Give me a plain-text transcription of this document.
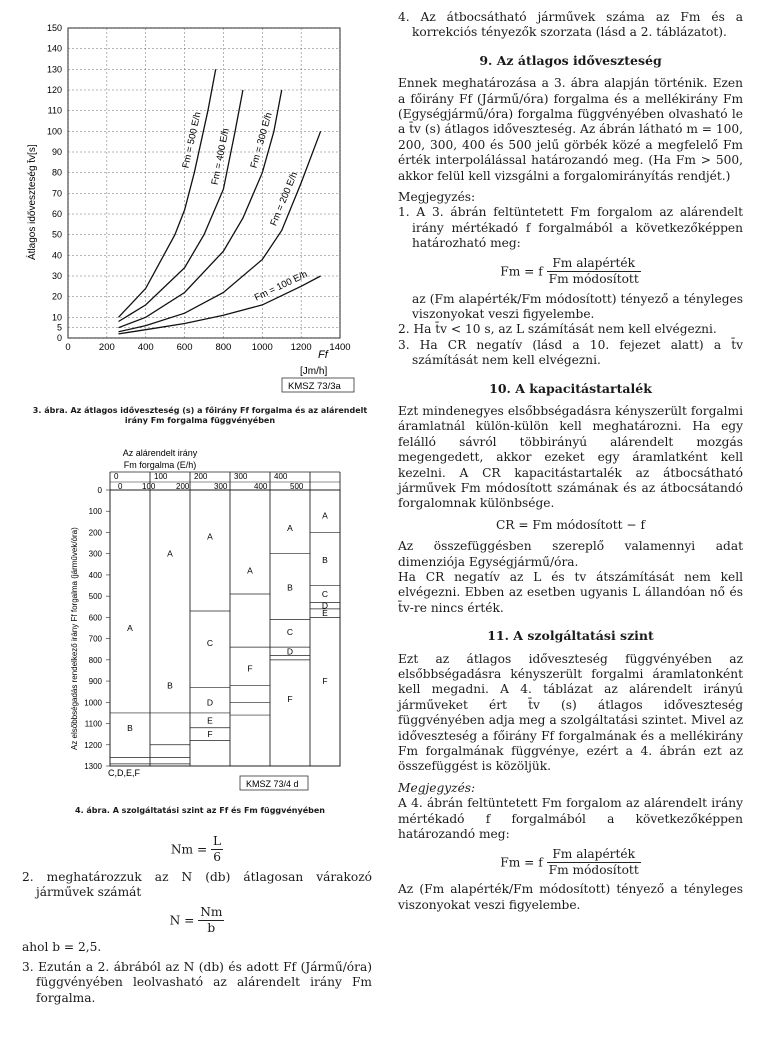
0
5
10
20
30
40
50
60
70
80
90
100
110
120
130
140
150
0	200 400 600 800 1000 1200 1400
Fm = 100 E/h
Fm = 200 E/h
Fm = 300 E/h
Fm = 400 E/h
Fm = 500 E/h
Átlagos időveszteség t̄v[s]
Ff
[Jm/h]
KMSZ 73/3a
3. ábra. Az átlagos időveszteség (s) a főirány Ff forgalma és az alárendelt irány Fm forgalma függvényében
Az alárendelt irány
Fm forgalma (E/h)
0	100	200	300	400
0 100	200	300	400	500
0
100
200
300
400
500
600
700
800
900
1000
1100
1200
1300
A
B
A
B
A
C
D
E
F
A
F
A
B
C
D
F
A
B
C
D
E
F
Az elsőbbségadás rendelkező irány Ff forgalma (járművek/óra)
C,D,E,F
KMSZ 73/4 d
4. ábra. A szolgáltatási szint az Ff és Fm függvényében
$Nm = \frac{L}{6}$

2. meghatározzuk az N (db) átlagosan várakozó járművek számát

$N = \frac{Nm}{b}$

ahol b = 2,5.

3. Ezután a 2. ábrából az N (db) és adott Ff (Jármű/óra) függvényében leolvasható az alárendelt irány Fm forgalma.

4. Az átbocsátható járművek száma az Fm és a korrekciós tényezők szorzata (lásd a 2. táblázatot).

9. Az átlagos időveszteség

Ennek meghatározása a 3. ábra alapján történik. Ezen a főirány Ff (Jármű/óra) forgalma és a mellékirány Fm (Egységjármű/óra) forgalma függvényében olvasható le a t̄v (s) átlagos időveszteség. Az ábrán látható m = 100, 200, 300, 400 és 500 jelű görbék közé a megfelelő Fm érték interpolálással határozandó meg. (Ha Fm > 500, akkor felül kell vizsgálni a forgalomirányítás rendjét.)

Megjegyzés:

1. A 3. ábrán feltüntetett Fm forgalom az alárendelt irány mértékadó f forgalmából a következőképpen határozható meg:

Fm = f $\frac{\text{Fm alapérték}}{\text{Fm módosított}}$

az (Fm alapérték/Fm módosított) tényező a tényleges viszonyokat veszi figyelembe.

2. Ha t̄v < 10 s, az L számítását nem kell elvégezni.

3. Ha CR negatív (lásd a 10. fejezet alatt) a t̄v számítását nem kell elvégezni.

10. A kapacitástartalék

Ezt mindenegyes elsőbbségadásra kényszerült forgalmi áramlatnál külön-külön kell meghatározni. Ha egy felálló sávról többirányú alárendelt mozgás megengedett, akkor ezeket egy áramlatként kell kezelni. A CR kapacitástartalék az átbocsátható járművek Fm módosított számának és az átbocsátandó forgalomnak különbsége.

CR = Fm módosított − f

Az összefüggésben szereplő valamennyi adat dimenziója Egységjármű/óra.

Ha CR negatív az L és tv átszámítását nem kell elvégezni. Ebben az esetben ugyanis L állandóan nő és t̄v-re nincs érték.

11. A szolgáltatási szint

Ezt az átlagos időveszteség függvényében az elsőbbségadásra kényszerült forgalmi áramlatonként kell megadni. A 4. táblázat az alárendelt irányú járműveket ért t̄v (s) átlagos időveszteség függvényében adja meg a szolgáltatási szintet. Mivel az időveszteség a főirány Ff forgalmának és a mellékirány Fm forgalmának függvénye, ezért a 4. ábrán ezt az összefüggést is közöljük.

Megjegyzés:

A 4. ábrán feltüntetett Fm forgalom az alárendelt irány mértékadó f forgalmából a következőképpen határozandó meg:

Fm = f $\frac{\text{Fm alapérték}}{\text{Fm módosított}}$

Az (Fm alapérték/Fm módosított) tényező a tényleges viszonyokat veszi figyelembe.
